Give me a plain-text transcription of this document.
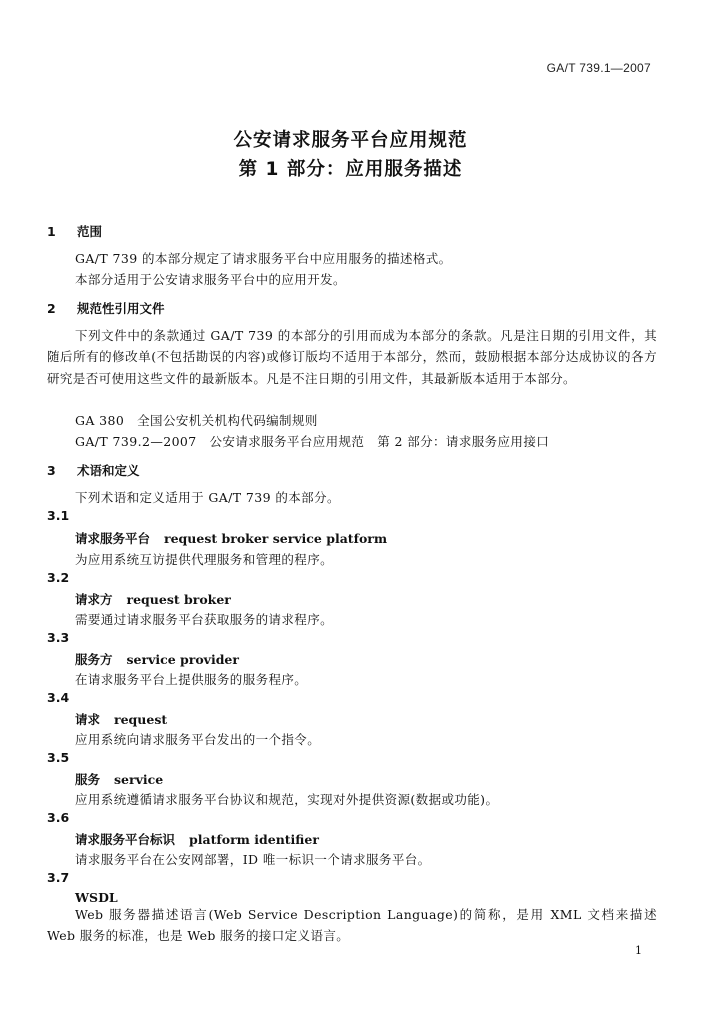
GA/T 739.1—2007
公安请求服务平台应用规范
第 1 部分：应用服务描述
1 范围
GA/T 739 的本部分规定了请求服务平台中应用服务的描述格式。
本部分适用于公安请求服务平台中的应用开发。
2 规范性引用文件
下列文件中的条款通过 GA/T 739 的本部分的引用而成为本部分的条款。凡是注日期的引用文件，其随后所有的修改单(不包括勘误的内容)或修订版均不适用于本部分，然而，鼓励根据本部分达成协议的各方研究是否可使用这些文件的最新版本。凡是不注日期的引用文件，其最新版本适用于本部分。
GA 380　全国公安机关机构代码编制规则
GA/T 739.2—2007　公安请求服务平台应用规范　第 2 部分：请求服务应用接口
3 术语和定义
下列术语和定义适用于 GA/T 739 的本部分。
3.1
请求服务平台 request broker service platform
为应用系统互访提供代理服务和管理的程序。
3.2
请求方 request broker
需要通过请求服务平台获取服务的请求程序。
3.3
服务方 service provider
在请求服务平台上提供服务的服务程序。
3.4
请求 request
应用系统向请求服务平台发出的一个指令。
3.5
服务 service
应用系统遵循请求服务平台协议和规范，实现对外提供资源(数据或功能)。
3.6
请求服务平台标识 platform identifier
请求服务平台在公安网部署，ID 唯一标识一个请求服务平台。
3.7
WSDL
Web 服务器描述语言(Web Service Description Language)的简称，是用 XML 文档来描述 Web 服务的标准，也是 Web 服务的接口定义语言。
1
